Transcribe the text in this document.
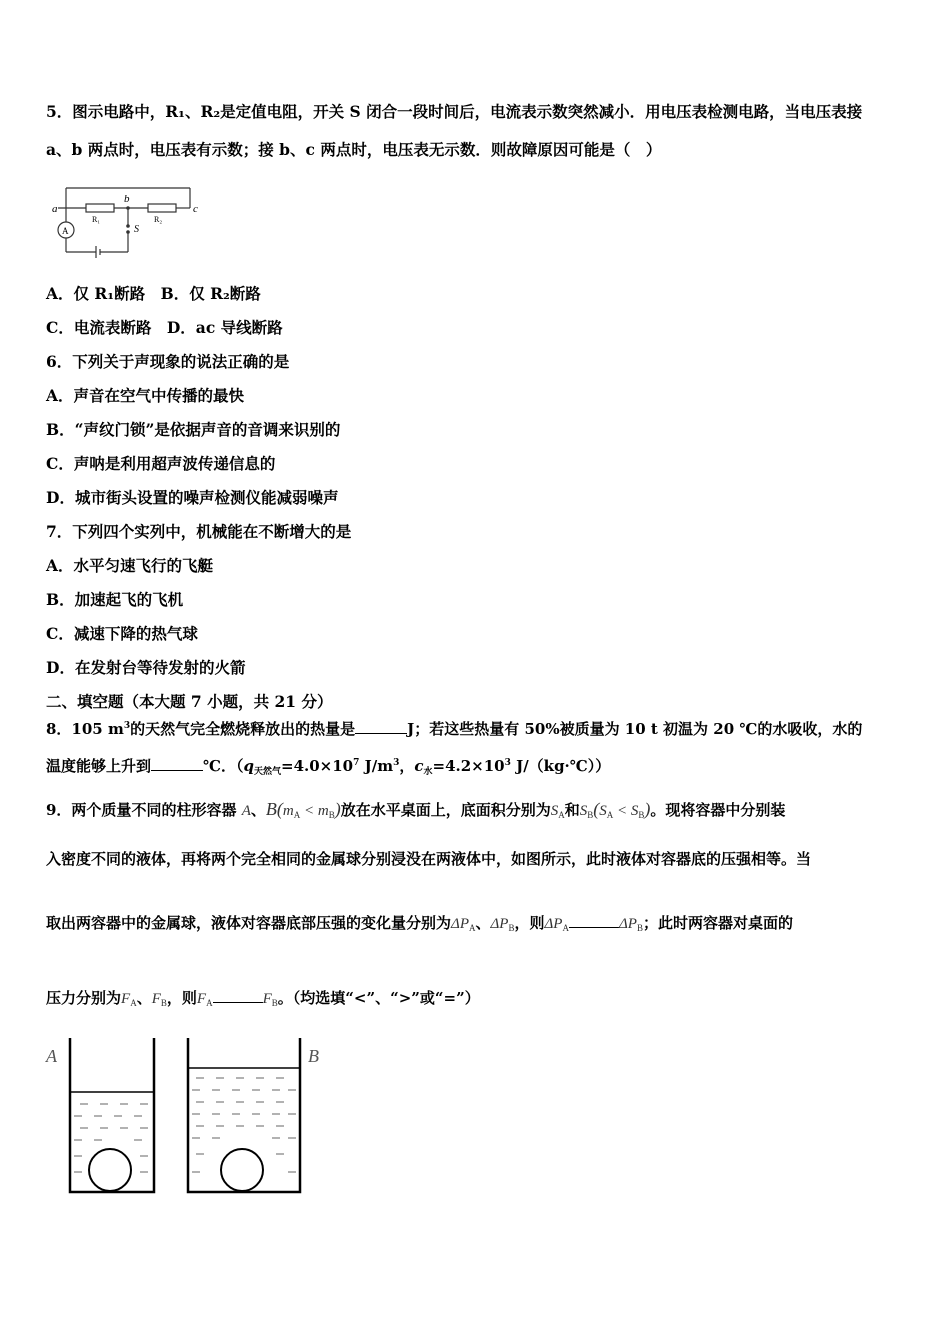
5．图示电路中，R₁、R₂是定值电阻，开关 S 闭合一段时间后，电流表示数突然减小．用电压表检测电路，当电压表接
a、b 两点时，电压表有示数；接 b、c 两点时，电压表无示数．则故障原因可能是（　）
a
b
c
R₁	R₂
A	S
A．仅 R₁断路　B．仅 R₂断路
C．电流表断路　D．ac 导线断路
6．下列关于声现象的说法正确的是
A．声音在空气中传播的最快
B．“声纹门锁”是依据声音的音调来识别的
C．声呐是利用超声波传递信息的
D．城市街头设置的噪声检测仪能减弱噪声
7．下列四个实列中，机械能在不断增大的是
A．水平匀速飞行的飞艇
B．加速起飞的飞机
C．减速下降的热气球
D．在发射台等待发射的火箭
二、填空题（本大题 7 小题，共 21 分）
8．105 $m^3$的天然气完全燃烧释放出的热量是	J；若这些热量有 50%被质量为 10 t 初温为 20 ℃的水吸收，水的
温度能够上升到	℃．（$q_{天然气}=4.0\times 10^7$ $J/m^3$，$c_水=4.2\times 10^3$ J/（kg·℃））
9．两个质量不同的柱形容器 A、$B(m_A < m_B)$放在水平桌面上，底面积分别为$S_A$和$S_B(S_A < S_B)$。现将容器中分别装
入密度不同的液体，再将两个完全相同的金属球分别浸没在两液体中，如图所示，此时液体对容器底的压强相等。当
取出两容器中的金属球，液体对容器底部压强的变化量分别为$\Delta P_A$、$\Delta P_B$，则$\Delta P_A$	$\Delta P_B$；此时两容器对桌面的
压力分别为$F_A$、$F_B$，则$F_A$	$F_B$。（均选填“<”、“>”或“=”）
A	B
